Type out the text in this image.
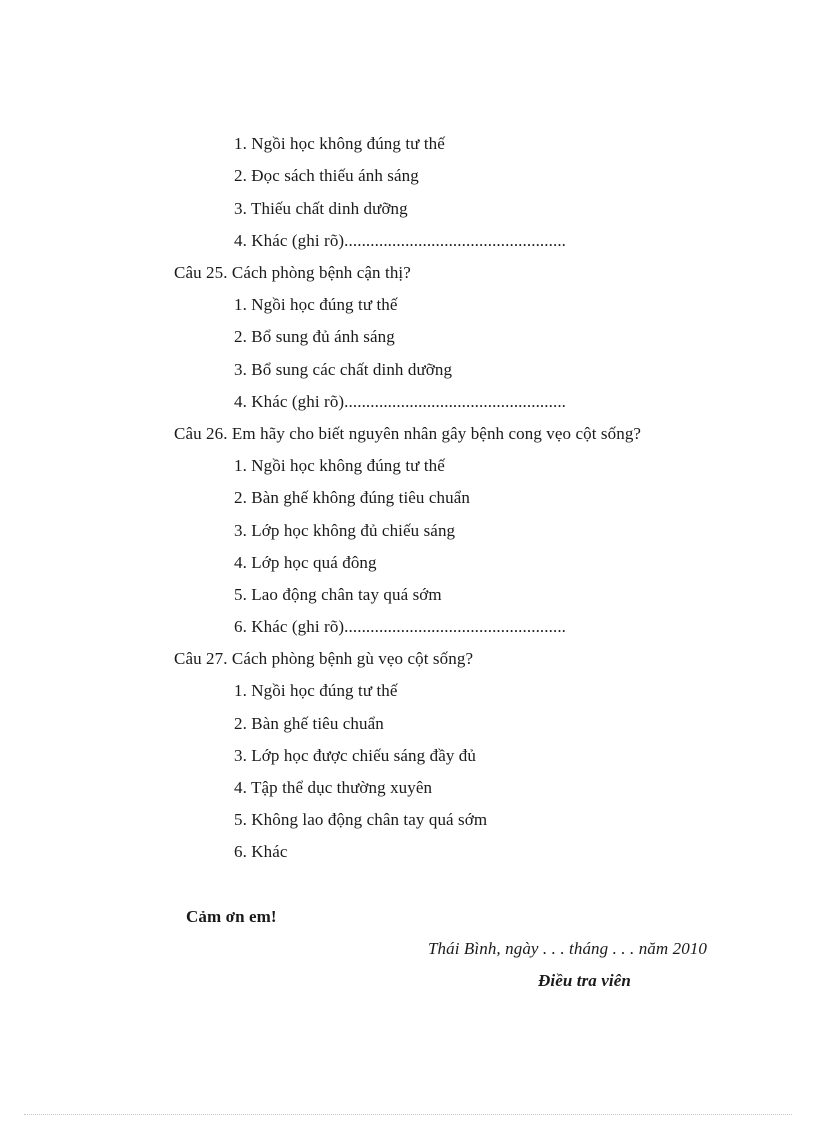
1. Ngồi học không đúng tư thế
2. Đọc sách thiếu ánh sáng
3. Thiếu chất dinh dưỡng
4. Khác (ghi rõ)...................................................
Câu 25. Cách phòng bệnh cận thị?
1. Ngồi học đúng tư thế
2. Bổ sung đủ ánh sáng
3. Bổ sung các chất dinh dưỡng
4. Khác (ghi rõ)...................................................
Câu 26. Em hãy cho biết nguyên nhân gây bệnh cong vẹo cột sống?
1. Ngồi học không đúng tư thế
2. Bàn ghế không đúng tiêu chuẩn
3. Lớp học không đủ chiếu sáng
4. Lớp học quá đông
5. Lao động chân tay quá sớm
6. Khác (ghi rõ)...................................................
Câu 27. Cách phòng bệnh gù vẹo cột sống?
1. Ngồi học đúng tư thế
2. Bàn ghế tiêu chuẩn
3. Lớp học được chiếu sáng đầy đủ
4. Tập thể dục thường xuyên
5. Không lao động chân tay quá sớm
6. Khác
Cảm ơn em!
Thái Bình, ngày . . . tháng . . . năm 2010
Điều tra viên
